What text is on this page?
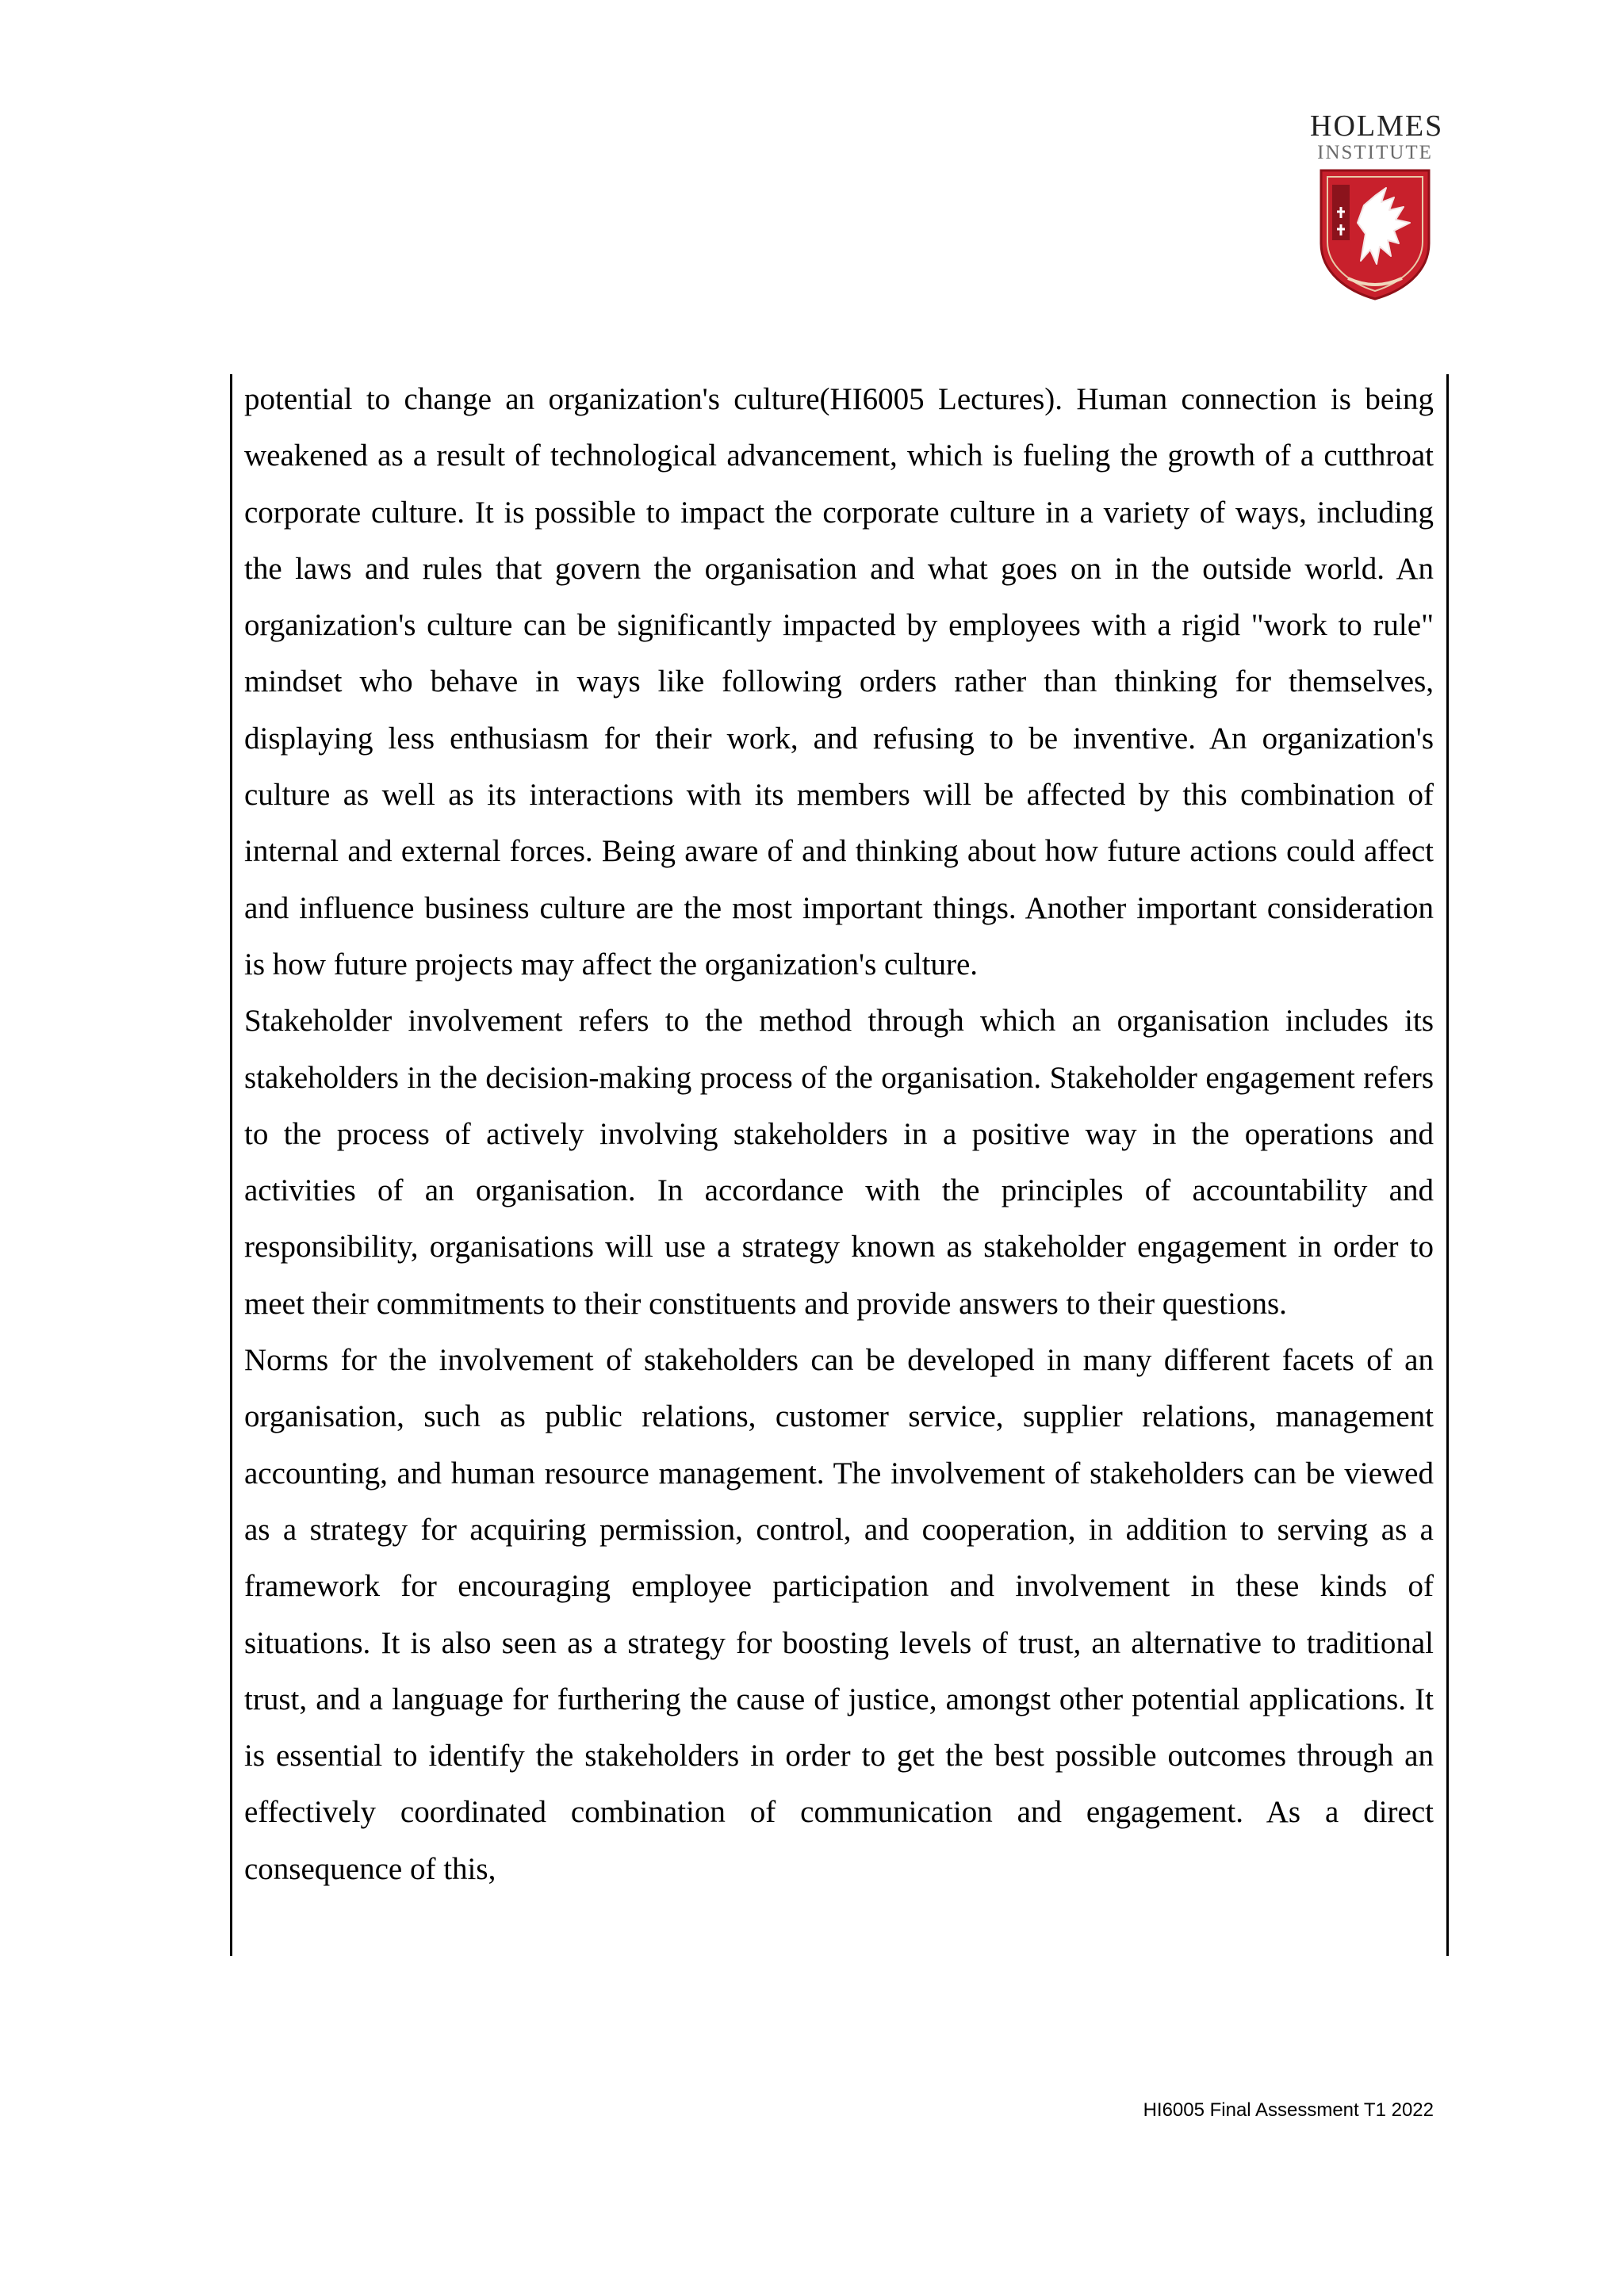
HOLMES
INSTITUTE

potential to change an organization's culture(HI6005 Lectures). Human connection is being weakened as a result of technological advancement, which is fueling the growth of a cutthroat corporate culture. It is possible to impact the corporate culture in a variety of ways, including the laws and rules that govern the organisation and what goes on in the outside world. An organization's culture can be significantly impacted by employees with a rigid "work to rule" mindset who behave in ways like following orders rather than thinking for themselves, displaying less enthusiasm for their work, and refusing to be inventive. An organization's culture as well as its interactions with its members will be affected by this combination of internal and external forces. Being aware of and thinking about how future actions could affect and influence business culture are the most important things. Another important consideration is how future projects may affect the organization's culture.

Stakeholder involvement refers to the method through which an organisation includes its stakeholders in the decision-making process of the organisation. Stakeholder engagement refers to the process of actively involving stakeholders in a positive way in the operations and activities of an organisation. In accordance with the principles of accountability and responsibility, organisations will use a strategy known as stakeholder engagement in order to meet their commitments to their constituents and provide answers to their questions.

Norms for the involvement of stakeholders can be developed in many different facets of an organisation, such as public relations, customer service, supplier relations, management accounting, and human resource management. The involvement of stakeholders can be viewed as a strategy for acquiring permission, control, and cooperation, in addition to serving as a framework for encouraging employee participation and involvement in these kinds of situations. It is also seen as a strategy for boosting levels of trust, an alternative to traditional trust, and a language for furthering the cause of justice, amongst other potential applications. It is essential to identify the stakeholders in order to get the best possible outcomes through an effectively coordinated combination of communication and engagement. As a direct consequence of this,

HI6005 Final Assessment T1 2022
